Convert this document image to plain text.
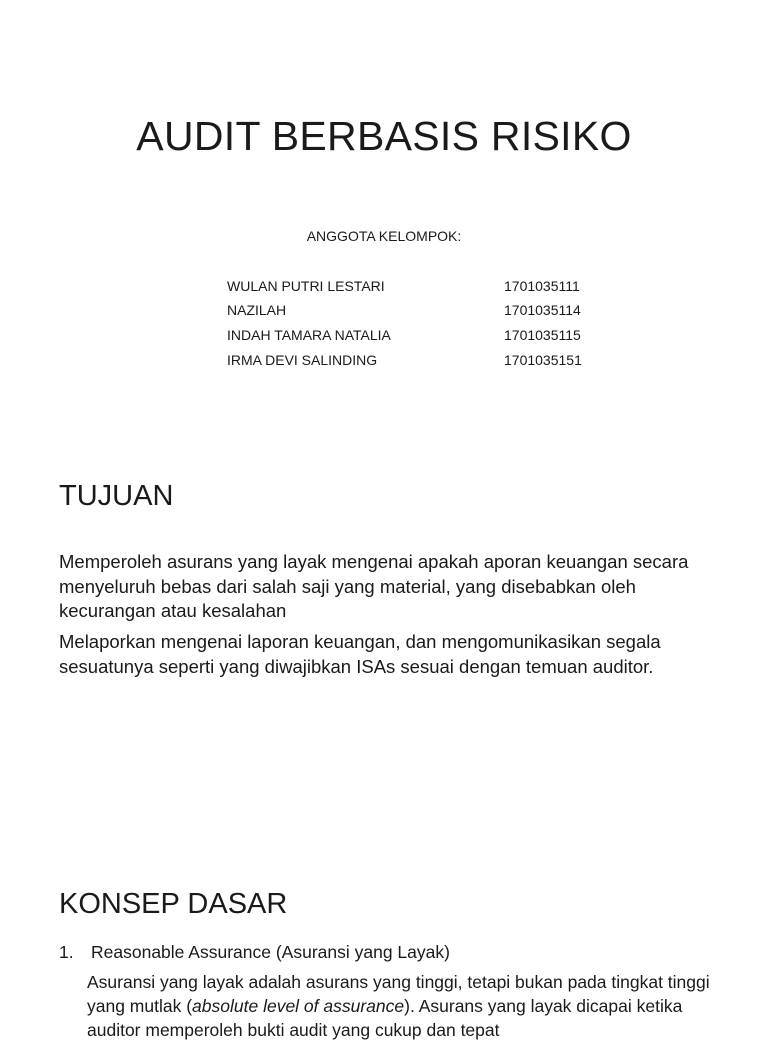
AUDIT BERBASIS RISIKO
ANGGOTA KELOMPOK:
WULAN PUTRI LESTARI	1701035111
NAZILAH	1701035114
INDAH TAMARA NATALIA	1701035115
IRMA DEVI SALINDING	1701035151
TUJUAN

Memperoleh asurans yang layak mengenai apakah aporan keuangan secara menyeluruh bebas dari salah saji yang material, yang disebabkan oleh kecurangan atau kesalahan

Melaporkan mengenai laporan keuangan, dan mengomunikasikan segala sesuatunya seperti yang diwajibkan ISAs sesuai dengan temuan auditor.

KONSEP DASAR

1. Reasonable Assurance (Asuransi yang Layak)

Asuransi yang layak adalah asurans yang tinggi, tetapi bukan pada tingkat tinggi yang mutlak (absolute level of assurance). Asurans yang layak dicapai ketika auditor memperoleh bukti audit yang cukup dan tepat
